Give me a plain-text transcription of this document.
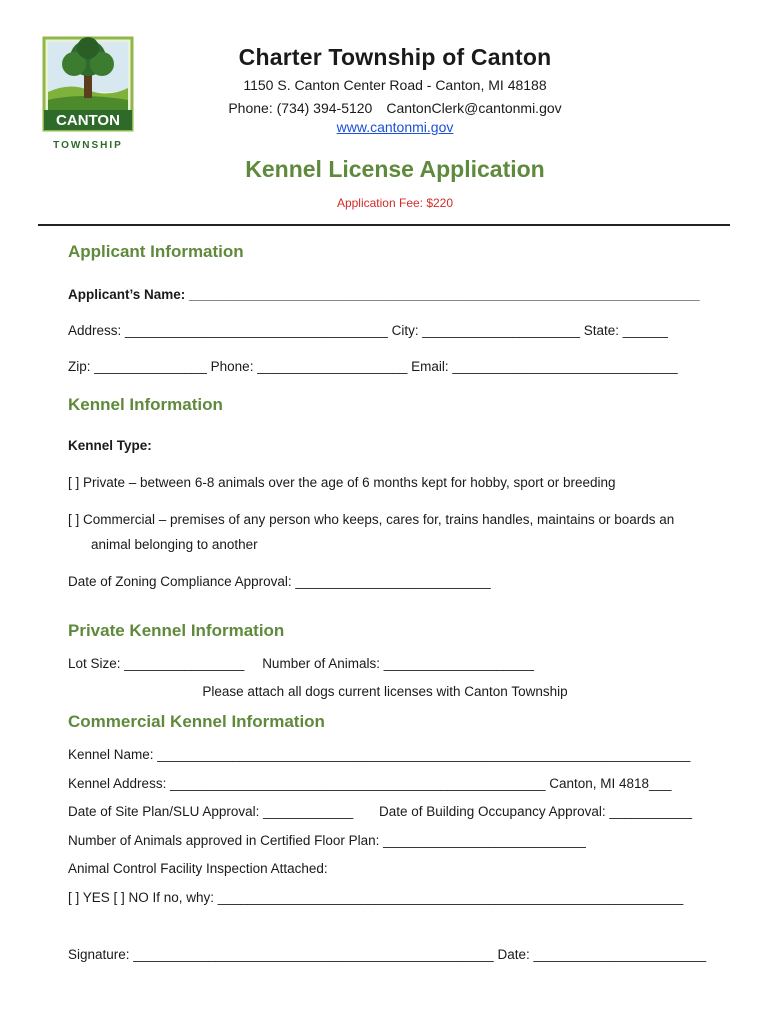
CANTON
TOWNSHIP
Charter Township of Canton
1150 S. Canton Center Road - Canton, MI 48188
Phone: (734) 394-5120 CantonClerk@cantonmi.gov
www.cantonmi.gov
Kennel License Application
Application Fee: $220
Applicant Information
Applicant’s Name: ____________________________________________________________________
Address: ___________________________________ City: _____________________ State: ______
Zip: _______________ Phone: ____________________ Email: ______________________________
Kennel Information
Kennel Type:
[ ] Private – between 6-8 animals over the age of 6 months kept for hobby, sport or breeding
[ ] Commercial – premises of any person who keeps, cares for, trains handles, maintains or boards an
animal belonging to another
Date of Zoning Compliance Approval: __________________________
Private Kennel Information
Lot Size: ________________ Number of Animals: ____________________
Please attach all dogs current licenses with Canton Township
Commercial Kennel Information
Kennel Name: _______________________________________________________________________
Kennel Address: __________________________________________________ Canton, MI 4818___
Date of Site Plan/SLU Approval: ____________ Date of Building Occupancy Approval: ___________
Number of Animals approved in Certified Floor Plan: ___________________________
Animal Control Facility Inspection Attached:
[ ] YES [ ] NO If no, why: ______________________________________________________________
Signature: ________________________________________________ Date: _______________________
